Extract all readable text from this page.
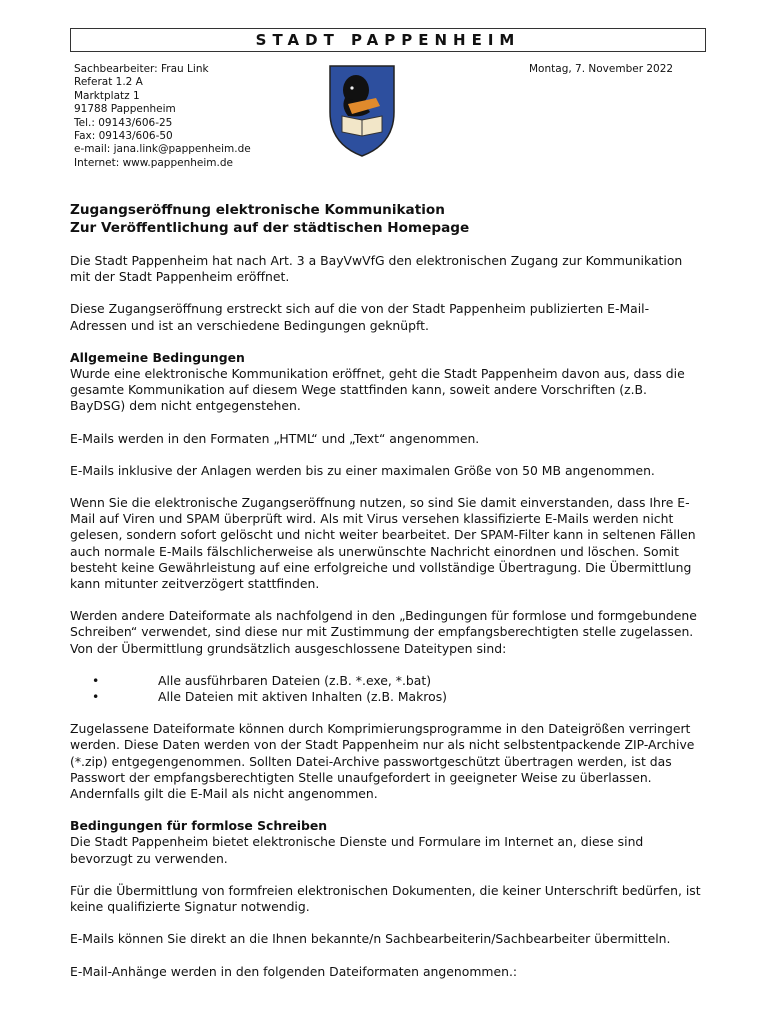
STADT PAPPENHEIM
Sachbearbeiter: Frau Link
Referat 1.2 A
Marktplatz 1
91788 Pappenheim
Tel.: 09143/606-25
Fax: 09143/606-50
e-mail: jana.link@pappenheim.de
Internet: www.pappenheim.de
Montag, 7. November 2022
Zugangseröffnung elektronische Kommunikation
Zur Veröffentlichung auf der städtischen Homepage

Die Stadt Pappenheim hat nach Art. 3 a BayVwVfG den elektronischen Zugang zur Kommunikation mit der Stadt Pappenheim eröffnet.

Diese Zugangseröffnung erstreckt sich auf die von der Stadt Pappenheim publizierten E-Mail-Adressen und ist an verschiedene Bedingungen geknüpft.

Allgemeine Bedingungen
Wurde eine elektronische Kommunikation eröffnet, geht die Stadt Pappenheim davon aus, dass die gesamte Kommunikation auf diesem Wege stattfinden kann, soweit andere Vorschriften (z.B. BayDSG) dem nicht entgegenstehen.

E-Mails werden in den Formaten „HTML“ und „Text“ angenommen.

E-Mails inklusive der Anlagen werden bis zu einer maximalen Größe von 50 MB angenommen.

Wenn Sie die elektronische Zugangseröffnung nutzen, so sind Sie damit einverstanden, dass Ihre E-Mail auf Viren und SPAM überprüft wird. Als mit Virus versehen klassifizierte E-Mails werden nicht gelesen, sondern sofort gelöscht und nicht weiter bearbeitet. Der SPAM-Filter kann in seltenen Fällen auch normale E-Mails fälschlicherweise als unerwünschte Nachricht einordnen und löschen. Somit besteht keine Gewährleistung auf eine erfolgreiche und vollständige Übertragung. Die Übermittlung kann mitunter zeitverzögert stattfinden.

Werden andere Dateiformate als nachfolgend in den „Bedingungen für formlose und formgebundene Schreiben“ verwendet, sind diese nur mit Zustimmung der empfangsberechtigten stelle zugelassen. Von der Übermittlung grundsätzlich ausgeschlossene Dateitypen sind:

•	Alle ausführbaren Dateien (z.B. *.exe, *.bat)
•	Alle Dateien mit aktiven Inhalten (z.B. Makros)

Zugelassene Dateiformate können durch Komprimierungsprogramme in den Dateigrößen verringert werden. Diese Daten werden von der Stadt Pappenheim nur als nicht selbstentpackende ZIP-Archive (*.zip) entgegengenommen. Sollten Datei-Archive passwortgeschützt übertragen werden, ist das Passwort der empfangsberechtigten Stelle unaufgefordert in geeigneter Weise zu überlassen. Andernfalls gilt die E-Mail als nicht angenommen.

Bedingungen für formlose Schreiben
Die Stadt Pappenheim bietet elektronische Dienste und Formulare im Internet an, diese sind bevorzugt zu verwenden.

Für die Übermittlung von formfreien elektronischen Dokumenten, die keiner Unterschrift bedürfen, ist keine qualifizierte Signatur notwendig.

E-Mails können Sie direkt an die Ihnen bekannte/n Sachbearbeiterin/Sachbearbeiter übermitteln.

E-Mail-Anhänge werden in den folgenden Dateiformaten angenommen.:
